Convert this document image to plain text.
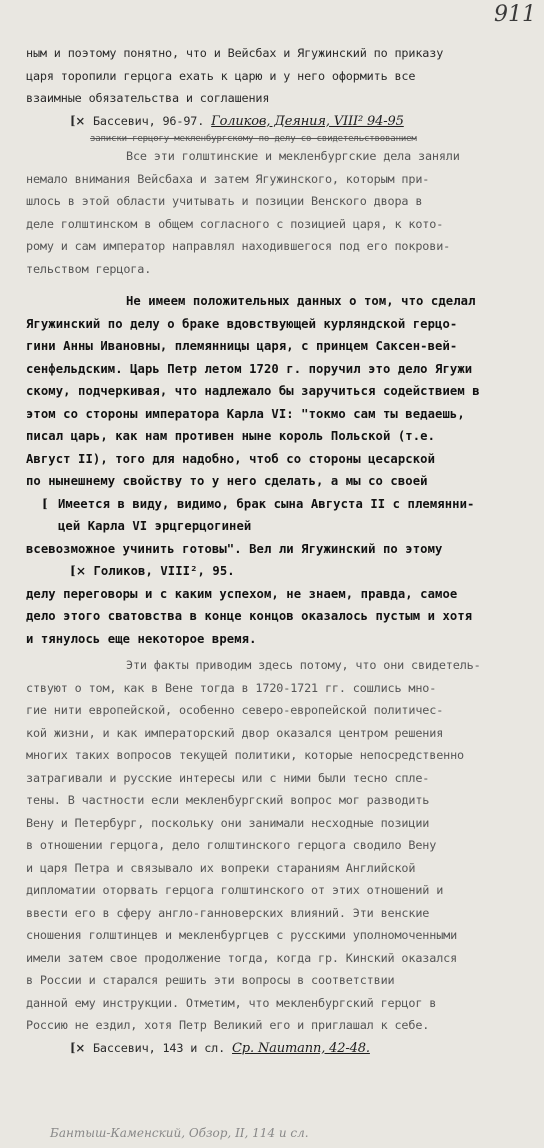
911
ным и поэтому понятно, что и Вейсбах и Ягужинский по приказу
царя торопили герцога ехать к царю и у него оформить все
взаимные обязательства и соглашения
[× Бассевич, 96-97. Голиков, Деяния, VIII² 94-95
записки герцогу мекленбургскому по делу со свидетельствованием
Все эти голштинские и мекленбургские дела заняли
немало внимания Вейсбаха и затем Ягужинского, которым при-
шлось в этой области учитывать и позиции Венского двора в
деле голштинском в общем согласного с позицией царя, к кото-
рому и сам император направлял находившегося под его покрови-
тельством герцога.
Не имеем положительных данных о том, что сделал
Ягужинский по делу о браке вдовствующей курляндской герцо-
гини Анны Ивановны, племянницы царя, с принцем Саксен-вей-
сенфельдским. Царь Петр летом 1720 г. поручил это дело Ягужи
скому, подчеркивая, что надлежало бы заручиться содействием в
этом со стороны императора Карла VI: "токмо сам ты ведаешь,
писал царь, как нам противен ныне король Польской (т.е.
Август II), того для надобно, чтоб со стороны цесарской
по нынешнему свойству то у него сделать, а мы со своей
[ Имеется в виду, видимо, брак сына Августа II с племянни-
цей Карла VI эрцгерцогиней
всевозможное учинить готовы". Вел ли Ягужинский по этому
[× Голиков, VIII², 95.
делу переговоры и с каким успехом, не знаем, правда, самое
дело этого сватовства в конце концов оказалось пустым и хотя
и тянулось еще некоторое время.
Эти факты приводим здесь потому, что они свидетель-
ствуют о том, как в Вене тогда в 1720-1721 гг. сошлись мно-
гие нити европейской, особенно северо-европейской политичес-
кой жизни, и как императорский двор оказался центром решения
многих таких вопросов текущей политики, которые непосредственно
затрагивали и русские интересы или с ними были тесно спле-
тены. В частности если мекленбургский вопрос мог разводить
Вену и Петербург, поскольку они занимали несходные позиции
в отношении герцога, дело голштинского герцога сводило Вену
и царя Петра и связывало их вопреки стараниям Английской
дипломатии оторвать герцога голштинского от этих отношений и
ввести его в сферу англо-ганноверских влияний. Эти венские
сношения голштинцев и мекленбургцев с русскими уполномоченными
имели затем свое продолжение тогда, когда гр. Кинский оказался
в России и старался решить эти вопросы в соответствии
данной ему инструкции. Отметим, что мекленбургский герцог в
Россию не ездил, хотя Петр Великий его и приглашал к себе.
[× Бассевич, 143 и сл. Cp. Naumann, 42-48.
Бантыш-Каменский, Обзор, II, 114 и сл.
